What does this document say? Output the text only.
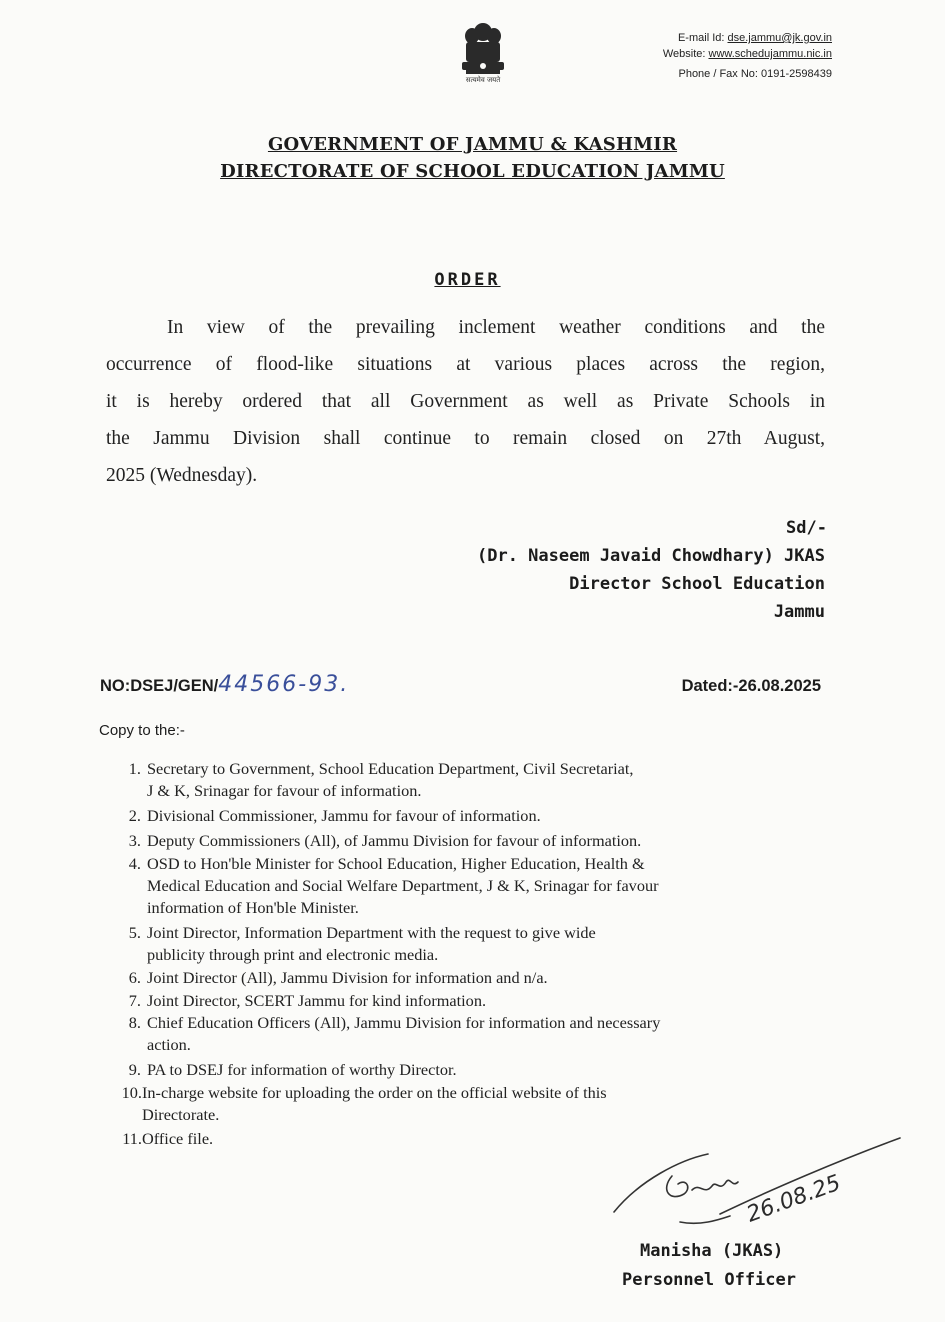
सत्यमेव जयते
E-mail Id: dse.jammu@jk.gov.in
Website: www.schedujammu.nic.in
Phone / Fax No: 0191-2598439
GOVERNMENT OF JAMMU & KASHMIR
DIRECTORATE OF SCHOOL EDUCATION JAMMU
ORDER
In view of the prevailing inclement weather conditions and the
occurrence of flood-like situations at various places across the region,
it is hereby ordered that all Government as well as Private Schools in
the Jammu Division shall continue to remain closed on 27th August,
2025 (Wednesday).
Sd/-
(Dr. Naseem Javaid Chowdhary) JKAS
Director School Education
Jammu
NO:DSEJ/GEN/44566-93.	Dated:-26.08.2025
Copy to the:-
1. Secretary to Government, School Education Department, Civil Secretariat,
J & K, Srinagar for favour of information.
2. Divisional Commissioner, Jammu for favour of information.
3. Deputy Commissioners (All), of Jammu Division for favour of information.
4. OSD to Hon'ble Minister for School Education, Higher Education, Health &
Medical Education and Social Welfare Department, J & K, Srinagar for favour
information of Hon'ble Minister.
5. Joint Director, Information Department with the request to give wide
publicity through print and electronic media.
6. Joint Director (All), Jammu Division for information and n/a.
7. Joint Director, SCERT Jammu for kind information.
8. Chief Education Officers (All), Jammu Division for information and necessary
action.
9. PA to DSEJ for information of worthy Director.
10.In-charge website for uploading the order on the official website of this
Directorate.
11.Office file.
26.08.25
Manisha (JKAS)
Personnel Officer
